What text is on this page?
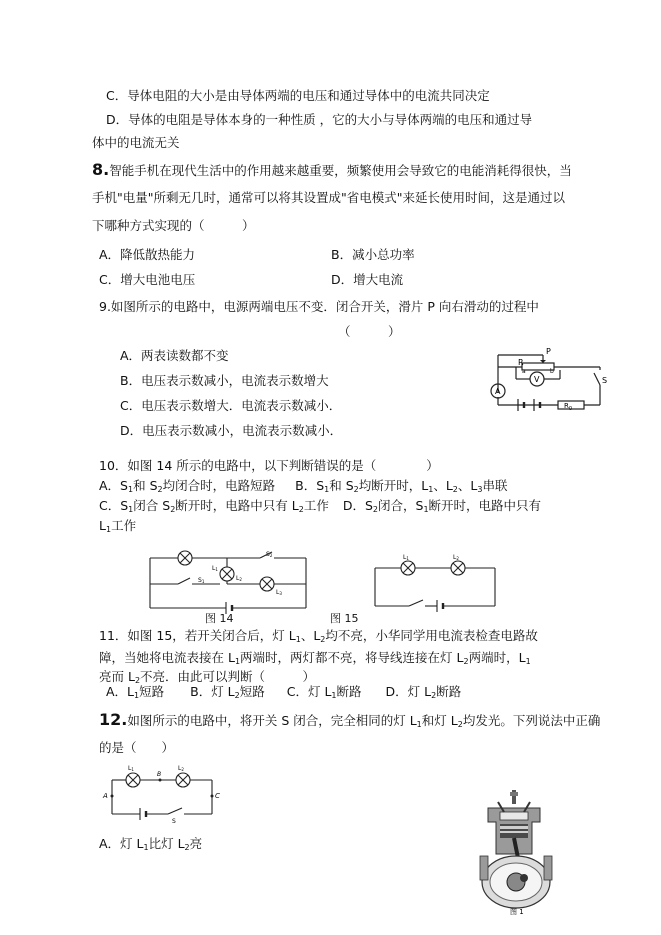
C．导体电阻的大小是由导体两端的电压和通过导体中的电流共同决定
D．导体的电阻是导体本身的一种性质 ，它的大小与导体两端的电压和通过导
体中的电流无关
8.智能手机在现代生活中的作用越来越重要，频繁使用会导致它的电能消耗得很快，当
手机"电量"所剩无几时，通常可以将其设置成"省电模式"来延长使用时间，这是通过以
下哪种方式实现的（　　　）
A．降低散热能力	B．减小总功率
C．增大电池电压	D．增大电流
9.如图所示的电路中，电源两端电压不变．闭合开关，滑片 P 向右滑动的过程中
（　　　）
A．两表读数都不变
B．电压表示数减小，电流表示数增大
C．电压表示数增大．电流表示数减小．
D．电压表示数减小，电流表示数减小．
P
R
a	b
V
A
$R_0$
S
10．如图 14 所示的电路中，以下判断错误的是（　　　　）
A．$S_1$和 $S_2$均闭合时，电路短路 B．$S_1$和 $S_2$均断开时，$L_1$、$L_2$、$L_3$串联
C．$S_1$闭合 $S_2$断开时，电路中只有 $L_2$工作 D．$S_2$闭合，$S_1$断开时，电路中只有
$L_1$工作
S2
S1
L1
L2
L3
图 14
L1	L2
图 15
11．如图 15，若开关闭合后，灯 $L_1$、$L_2$均不亮，小华同学用电流表检查电路故
障，当她将电流表接在 $L_1$两端时，两灯都不亮，将导线连接在灯 $L_2$两端时，$L_1$
亮而 $L_2$不亮．由此可以判断（　　　）
A．$L_1$短路 B．灯 $L_2$短路 C．灯 $L_1$断路 D．灯 $L_2$断路
12.如图所示的电路中，将开关 S 闭合，完全相同的灯 $L_1$和灯 $L_2$均发光。下列说法中正确
的是（　　）
L1	L2
B
A	C
S
A．灯 $L_1$比灯 $L_2$亮
图 1
